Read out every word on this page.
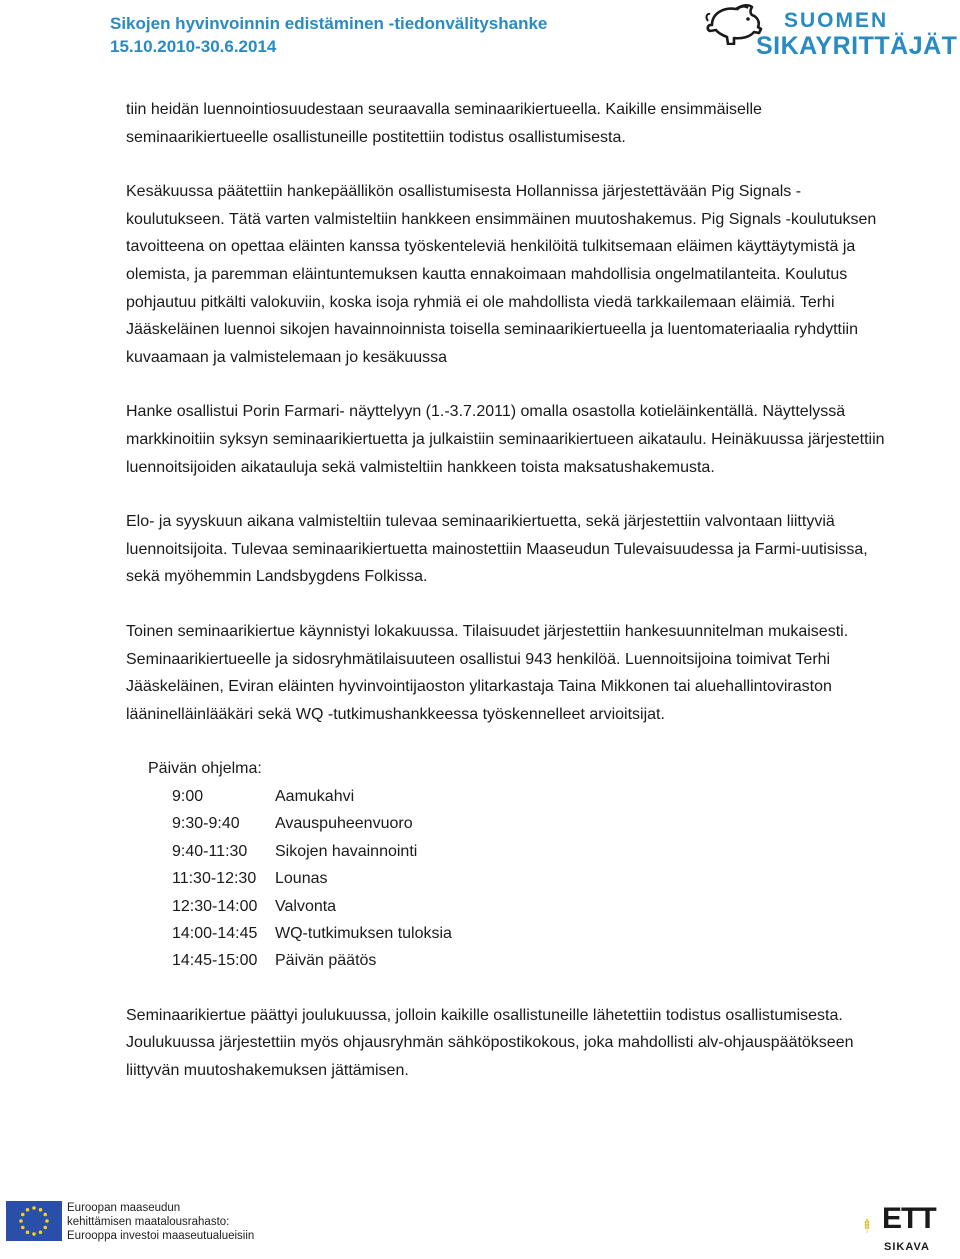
Sikojen hyvinvoinnin edistäminen -tiedonvälityshanke
15.10.2010-30.6.2014
SUOMEN
SIKAYRITTÄJÄT

tiin heidän luennointiosuudestaan seuraavalla seminaarikiertueella. Kaikille ensimmäiselle seminaarikiertueelle osallistuneille postitettiin todistus osallistumisesta.

Kesäkuussa päätettiin hankepäällikön osallistumisesta Hollannissa järjestettävään Pig Signals -koulutukseen. Tätä varten valmisteltiin hankkeen ensimmäinen muutoshakemus. Pig Signals -koulutuksen tavoitteena on opettaa eläinten kanssa työskenteleviä henkilöitä tulkitsemaan eläimen käyttäytymistä ja olemista, ja paremman eläintuntemuksen kautta ennakoimaan mahdollisia ongelmatilanteita. Koulutus pohjautuu pitkälti valokuviin, koska isoja ryhmiä ei ole mahdollista viedä tarkkailemaan eläimiä. Terhi Jääskeläinen luennoi sikojen havainnoinnista toisella seminaarikiertueella ja luentomateriaalia ryhdyttiin kuvaamaan ja valmistelemaan jo kesäkuussa

Hanke osallistui Porin Farmari- näyttelyyn (1.-3.7.2011) omalla osastolla kotieläinkentällä. Näyttelyssä markkinoitiin syksyn seminaarikiertuetta ja julkaistiin seminaarikiertueen aikataulu. Heinäkuussa järjestettiin luennoitsijoiden aikatauluja sekä valmisteltiin hankkeen toista maksatushakemusta.

Elo- ja syyskuun aikana valmisteltiin tulevaa seminaarikiertuetta, sekä järjestettiin valvontaan liittyviä luennoitsijoita. Tulevaa seminaarikiertuetta mainostettiin Maaseudun Tulevaisuudessa ja Farmi-uutisissa, sekä myöhemmin Landsbygdens Folkissa.

Toinen seminaarikiertue käynnistyi lokakuussa. Tilaisuudet järjestettiin hankesuunnitelman mukaisesti. Seminaarikiertueelle ja sidosryhmätilaisuuteen osallistui 943 henkilöä. Luennoitsijoina toimivat Terhi Jääskeläinen, Eviran eläinten hyvinvointijaoston ylitarkastaja Taina Mikkonen tai aluehallintoviraston lääninelläinlääkäri sekä WQ -tutkimushankkeessa työskennelleet arvioitsijat.

Päivän ohjelma:
9:00	Aamukahvi
9:30-9:40	Avauspuheenvuoro
9:40-11:30	Sikojen havainnointi
11:30-12:30	Lounas
12:30-14:00	Valvonta
14:00-14:45	WQ-tutkimuksen tuloksia
14:45-15:00	Päivän päätös

Seminaarikiertue päättyi joulukuussa, jolloin kaikille osallistuneille lähetettiin todistus osallistumisesta. Joulukuussa järjestettiin myös ohjausryhmän sähköpostikokous, joka mahdollisti alv-ohjauspäätökseen liittyvän muutoshakemuksen jättämisen.

Euroopan maaseudun
kehittämisen maatalousrahasto:
Eurooppa investoi maaseutualueisiin
ETT
SIKAVA
